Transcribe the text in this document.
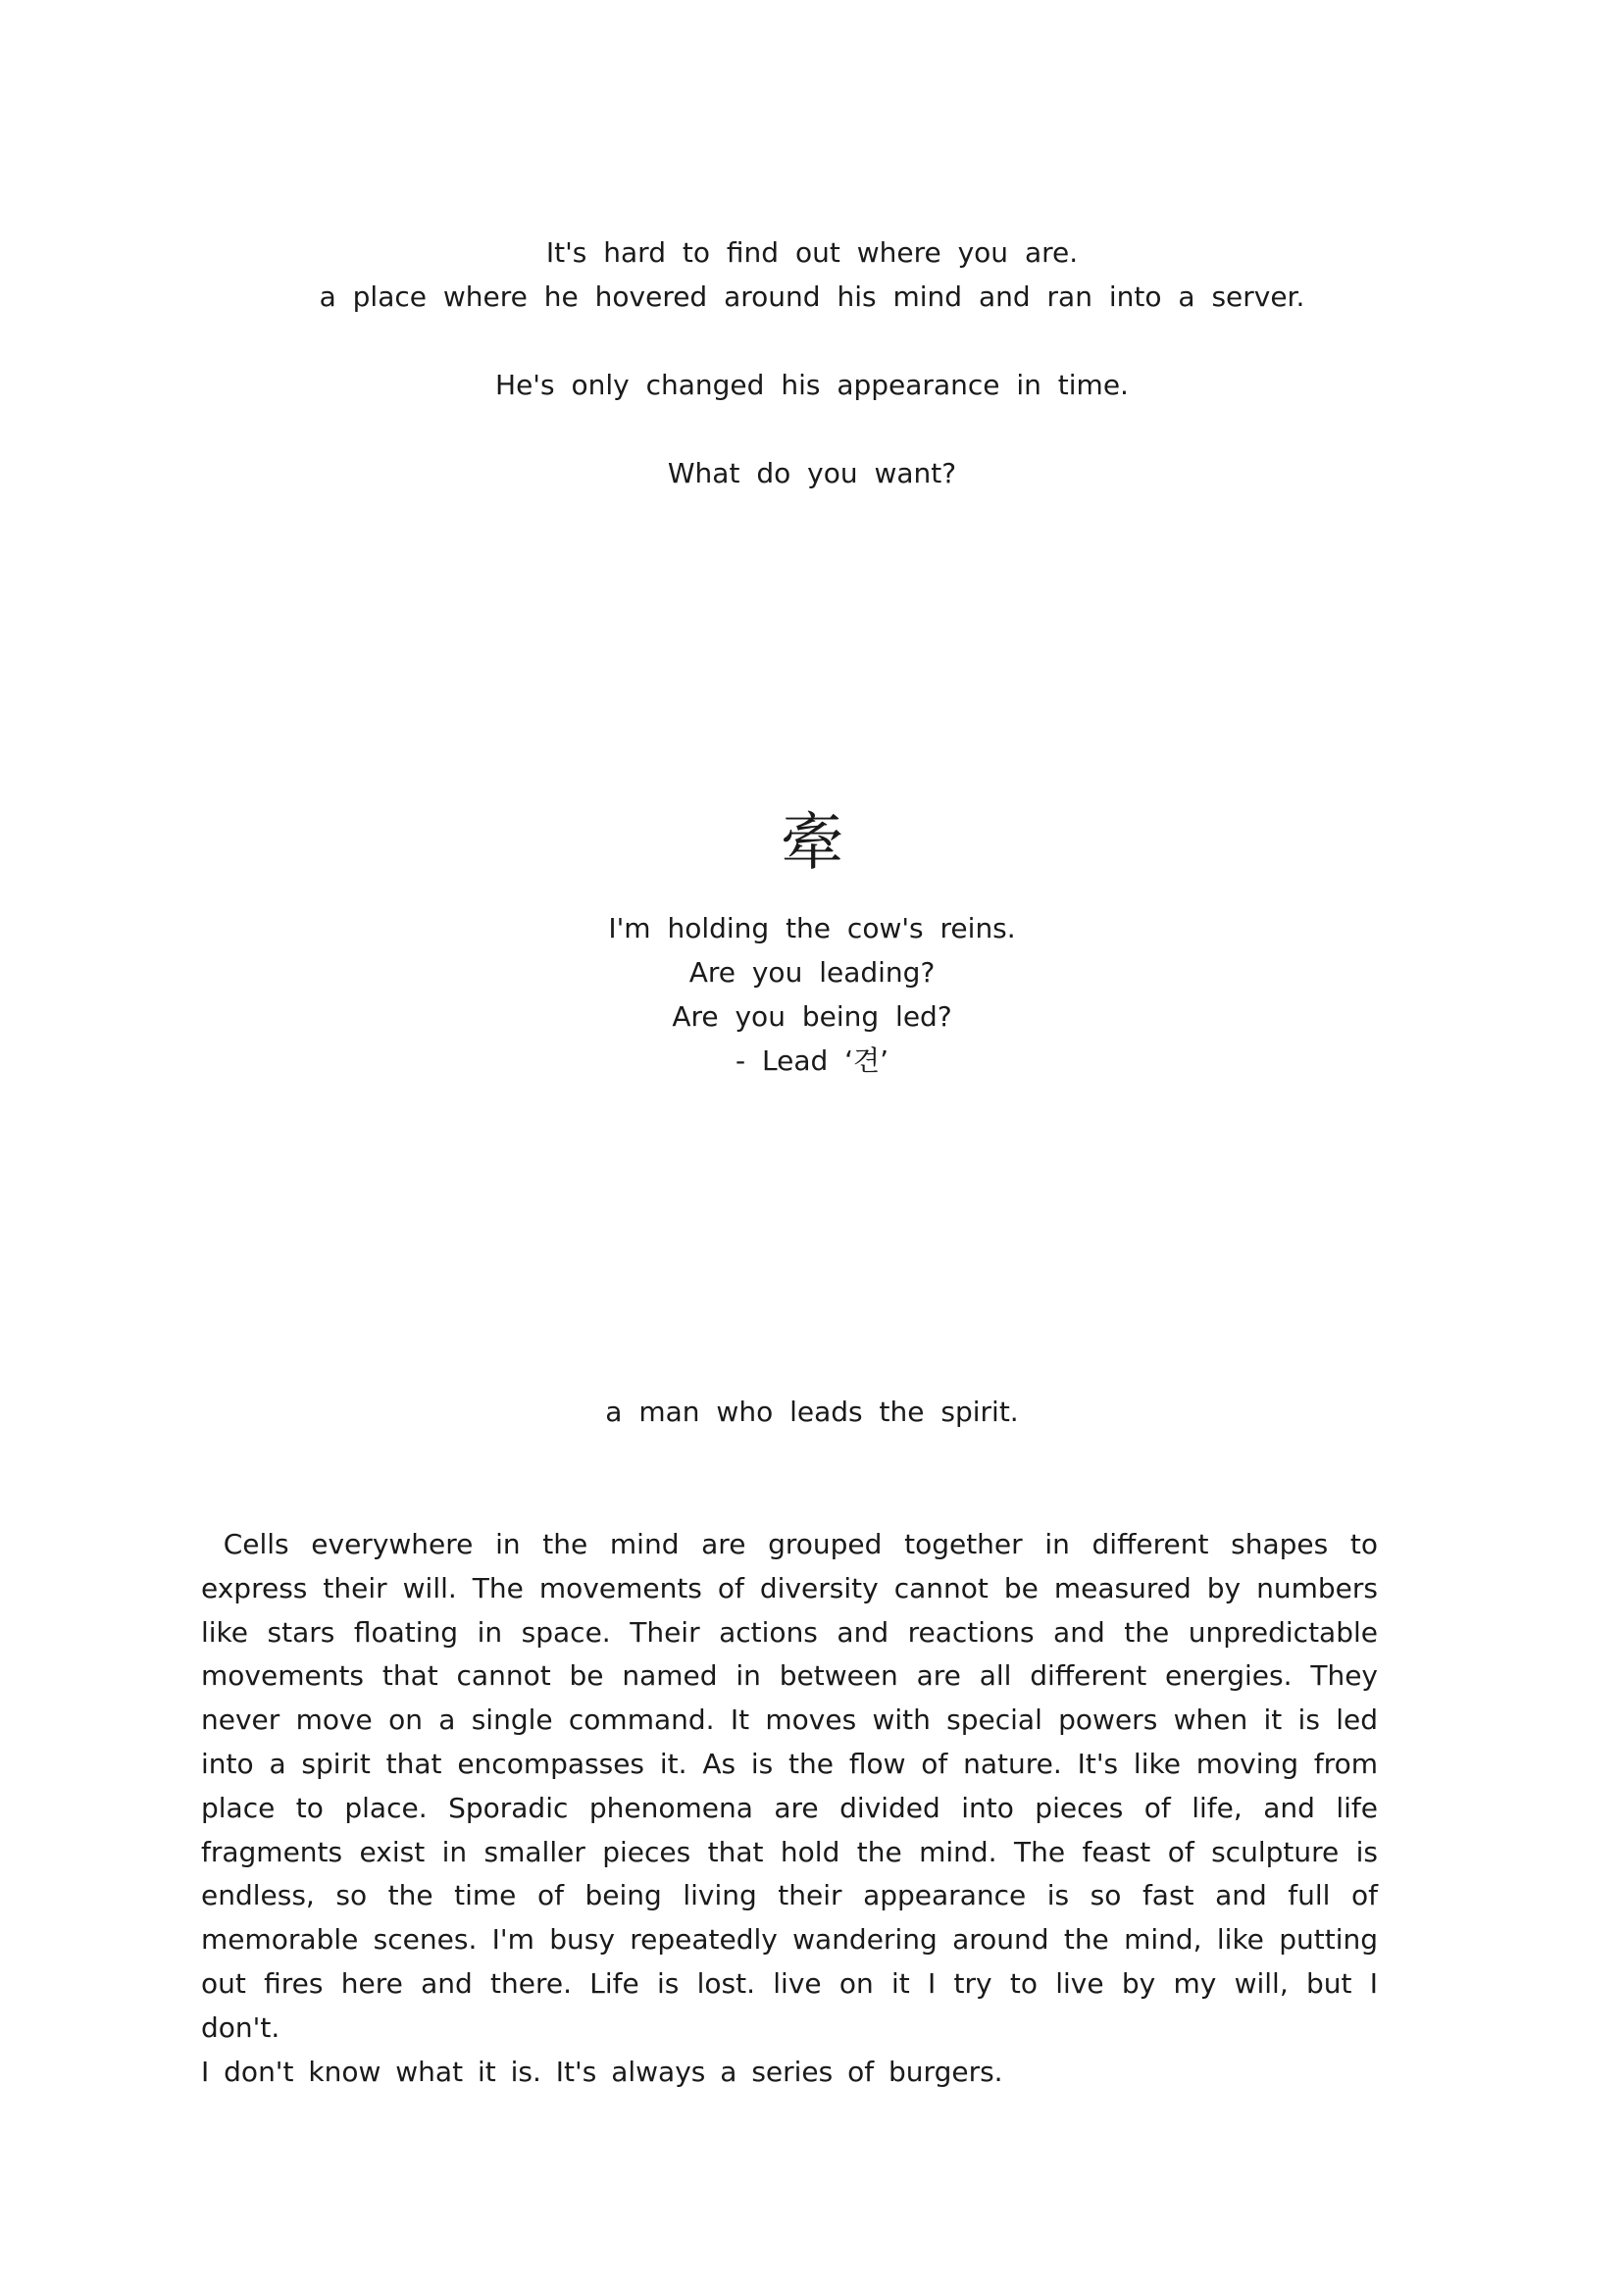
It's hard to find out where you are.
a place where he hovered around his mind and ran into a server.
He's only changed his appearance in time.
What do you want?
牽
I'm holding the cow's reins.
Are you leading?
Are you being led?
- Lead ‘견’
a man who leads the spirit.
Cells everywhere in the mind are grouped together in different shapes to express their will. The movements of diversity cannot be measured by numbers like stars floating in space. Their actions and reactions and the unpredictable movements that cannot be named in between are all different energies. They never move on a single command. It moves with special powers when it is led into a spirit that encompasses it. As is the flow of nature. It's like moving from place to place. Sporadic phenomena are divided into pieces of life, and life fragments exist in smaller pieces that hold the mind. The feast of sculpture is endless, so the time of being living their appearance is so fast and full of memorable scenes. I'm busy repeatedly wandering around the mind, like putting out fires here and there. Life is lost. live on it I try to live by my will, but I don't.
I don't know what it is. It's always a series of burgers.
